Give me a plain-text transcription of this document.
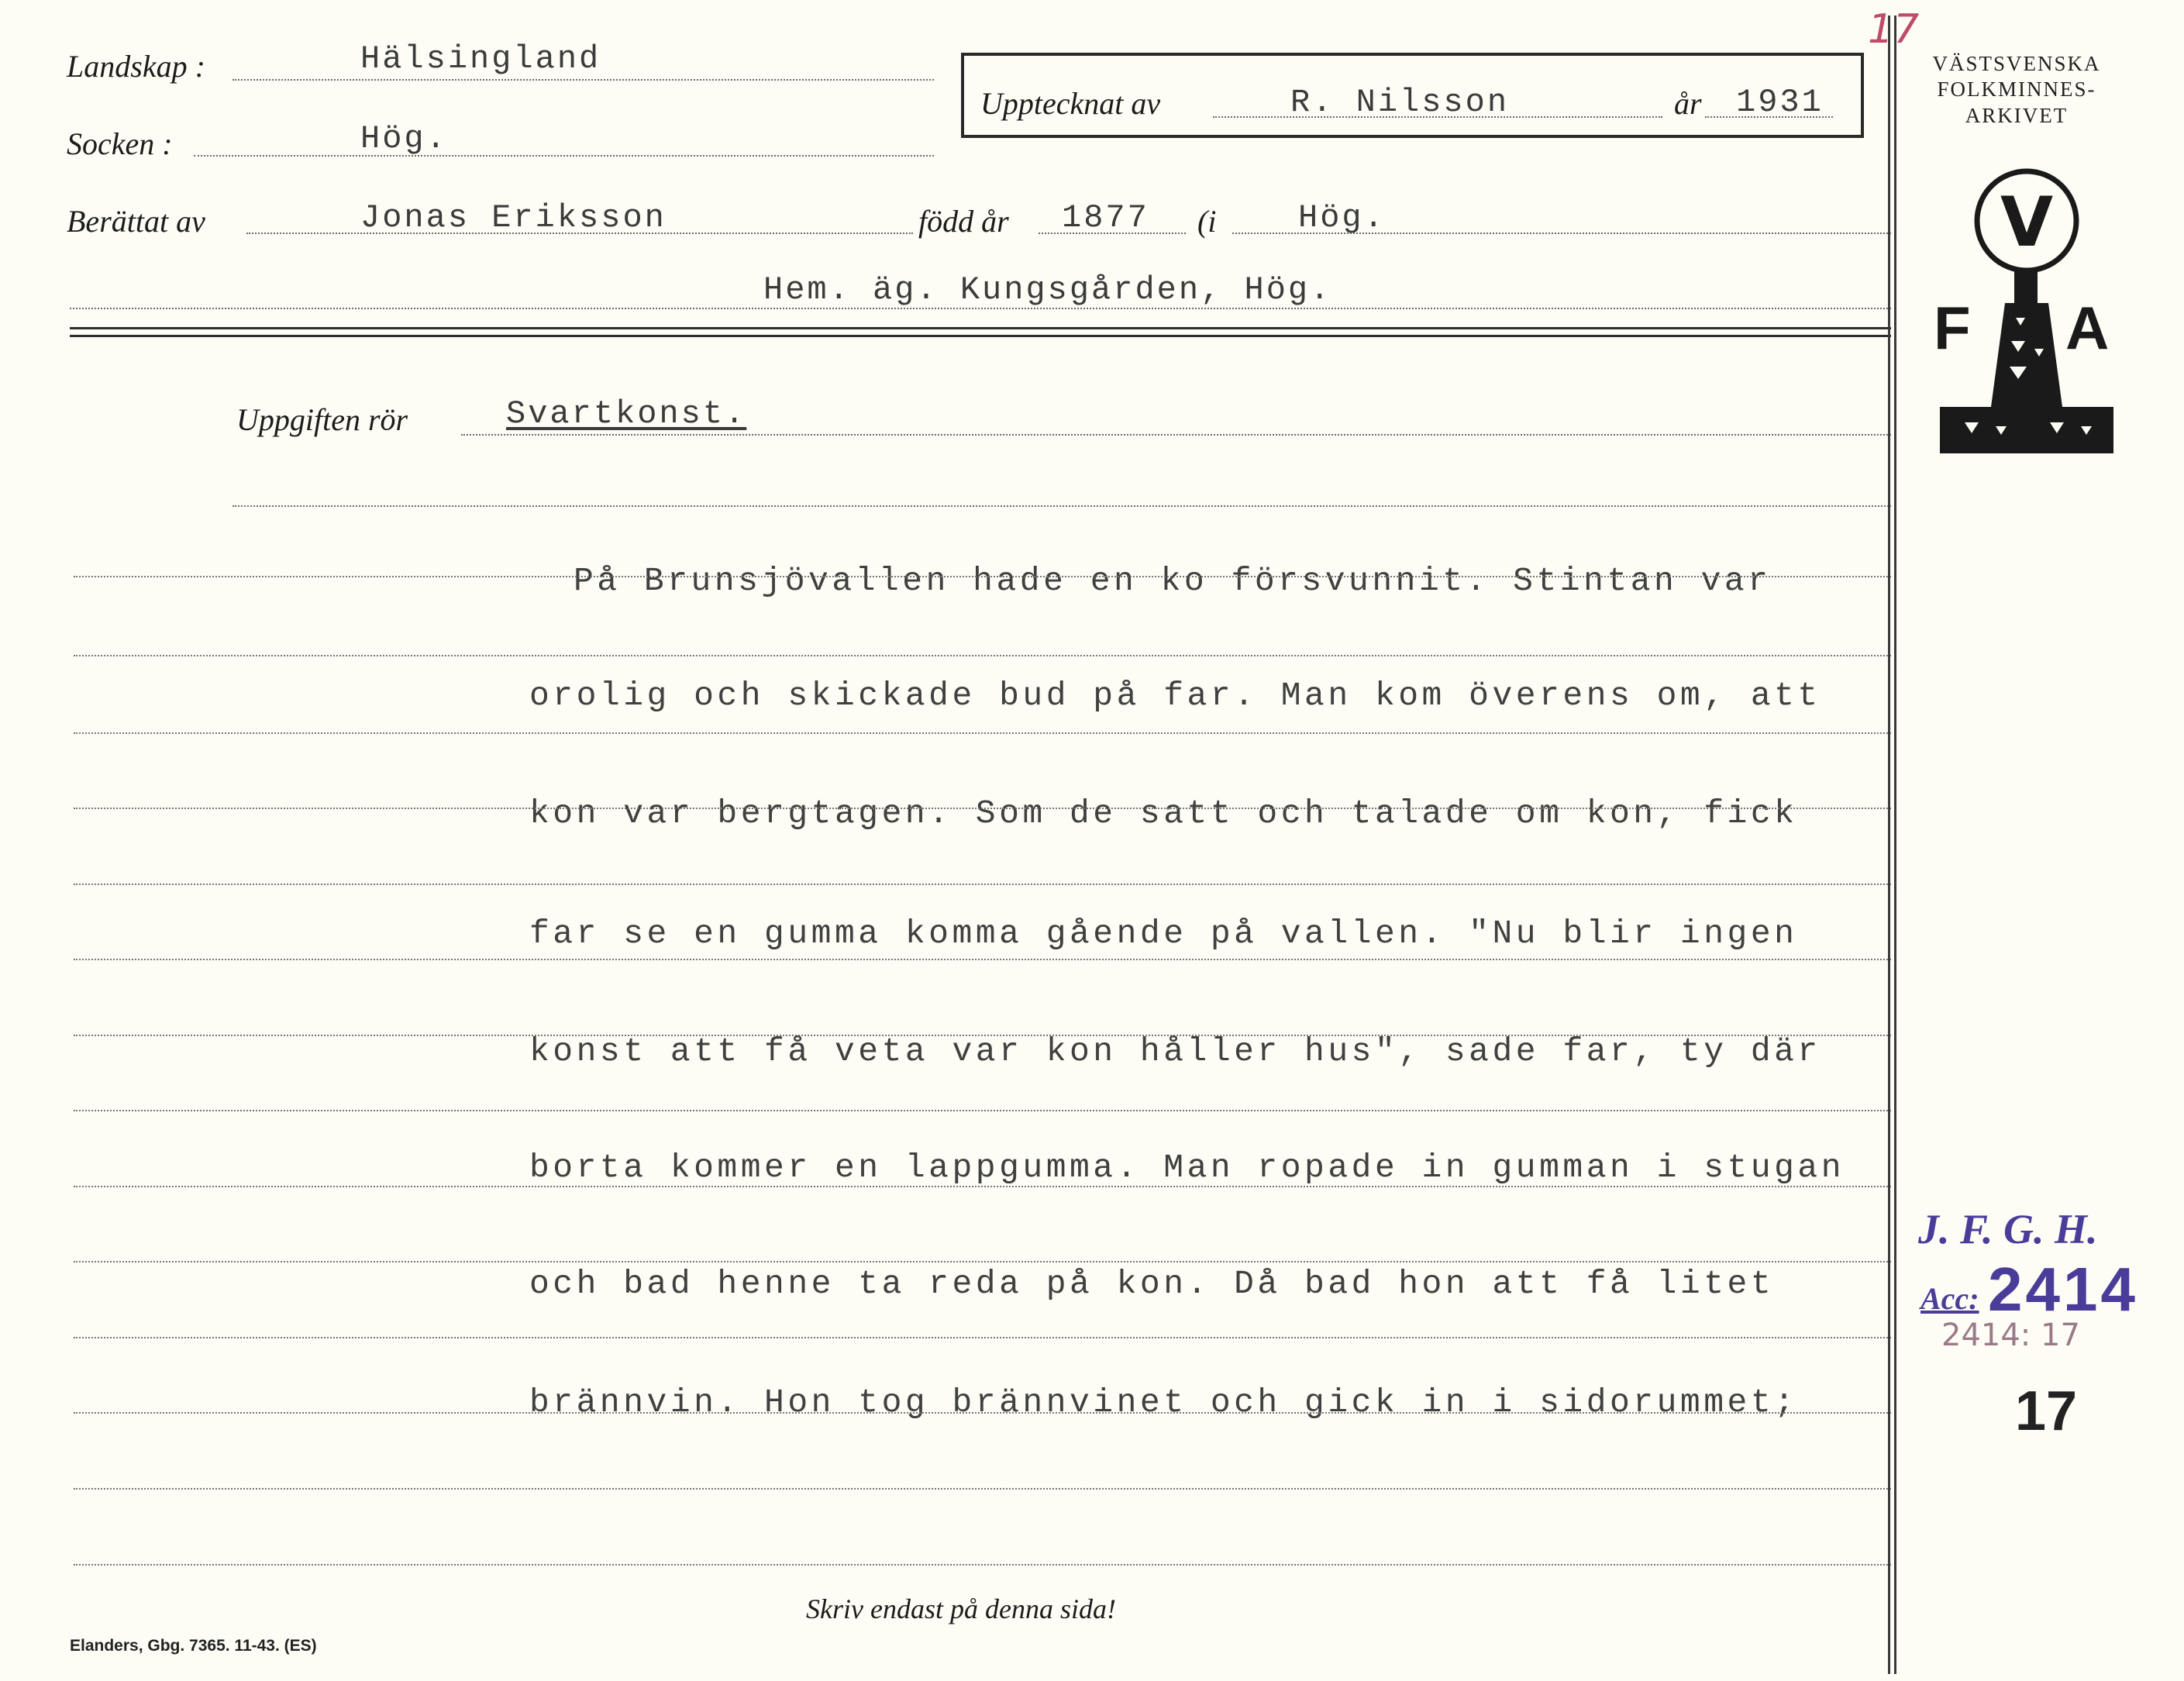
Landskap :	Hälsingland
Socken :	Hög.
Upptecknat av	R. Nilsson	år 1931
Berättat av	Jonas Eriksson	född år 1877 (i	Hög.
Hem. äg. Kungsgården, Hög.
Uppgiften rör	Svartkonst.
På Brunsjövallen hade en ko försvunnit. Stintan var
orolig och skickade bud på far. Man kom överens om, att
kon var bergtagen. Som de satt och talade om kon, fick
far se en gumma komma gående på vallen. "Nu blir ingen
konst att få veta var kon håller hus", sade far, ty där
borta kommer en lappgumma. Man ropade in gumman i stugan
och bad henne ta reda på kon. Då bad hon att få litet
brännvin. Hon tog brännvinet och gick in i sidorummet;
VÄSTSVENSKA
FOLKMINNES-
ARKIVET
V
F A
J. F. G. H.
Acc: 2414
2414: 17
17
17
Skriv endast på denna sida!
Elanders, Gbg. 7365. 11-43. (ES)
